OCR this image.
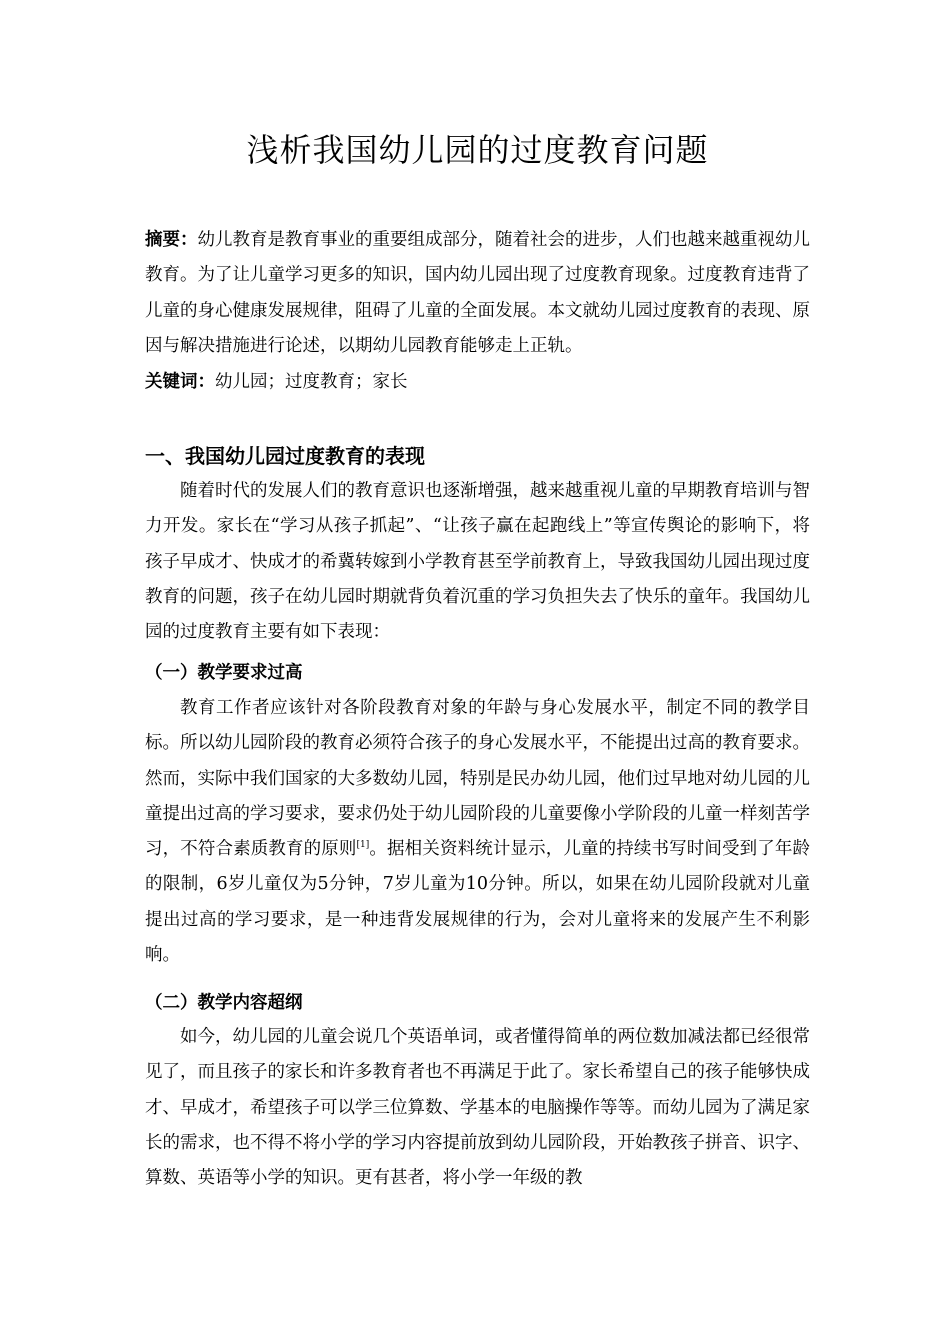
浅析我国幼儿园的过度教育问题

摘要：幼儿教育是教育事业的重要组成部分，随着社会的进步，人们也越来越重视幼儿教育。为了让儿童学习更多的知识，国内幼儿园出现了过度教育现象。过度教育违背了儿童的身心健康发展规律，阻碍了儿童的全面发展。本文就幼儿园过度教育的表现、原因与解决措施进行论述，以期幼儿园教育能够走上正轨。

关键词：幼儿园；过度教育；家长

一、我国幼儿园过度教育的表现

随着时代的发展人们的教育意识也逐渐增强，越来越重视儿童的早期教育培训与智力开发。家长在“学习从孩子抓起”、“让孩子赢在起跑线上”等宣传舆论的影响下，将孩子早成才、快成才的希冀转嫁到小学教育甚至学前教育上，导致我国幼儿园出现过度教育的问题，孩子在幼儿园时期就背负着沉重的学习负担失去了快乐的童年。我国幼儿园的过度教育主要有如下表现：

（一）教学要求过高

教育工作者应该针对各阶段教育对象的年龄与身心发展水平，制定不同的教学目标。所以幼儿园阶段的教育必须符合孩子的身心发展水平，不能提出过高的教育要求。然而，实际中我们国家的大多数幼儿园，特别是民办幼儿园，他们过早地对幼儿园的儿童提出过高的学习要求，要求仍处于幼儿园阶段的儿童要像小学阶段的儿童一样刻苦学习，不符合素质教育的原则[1]。据相关资料统计显示，儿童的持续书写时间受到了年龄的限制，6岁儿童仅为5分钟，7岁儿童为10分钟。所以，如果在幼儿园阶段就对儿童提出过高的学习要求，是一种违背发展规律的行为，会对儿童将来的发展产生不利影响。

（二）教学内容超纲

如今，幼儿园的儿童会说几个英语单词，或者懂得简单的两位数加减法都已经很常见了，而且孩子的家长和许多教育者也不再满足于此了。家长希望自己的孩子能够快成才、早成才，希望孩子可以学三位算数、学基本的电脑操作等等。而幼儿园为了满足家长的需求，也不得不将小学的学习内容提前放到幼儿园阶段，开始教孩子拼音、识字、算数、英语等小学的知识。更有甚者，将小学一年级的教
